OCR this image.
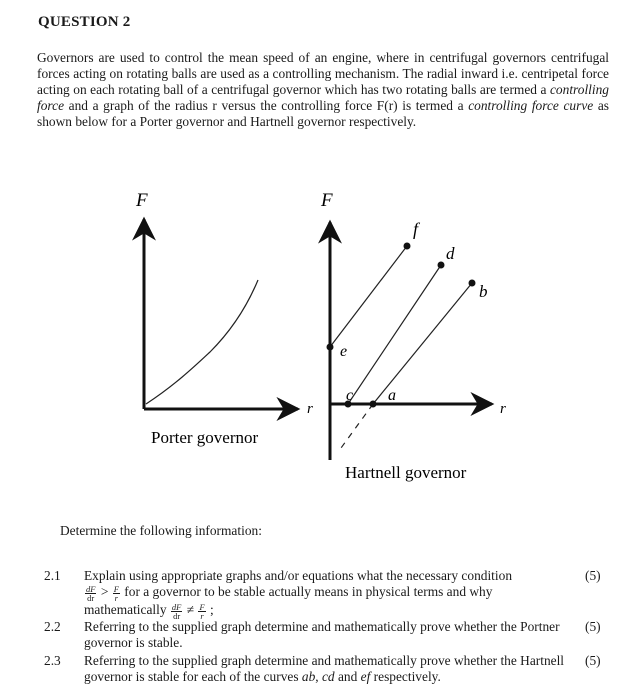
QUESTION 2
Governors are used to control the mean speed of an engine, where in centrifugal governors centrifugal forces acting on rotating balls are used as a controlling mechanism. The radial inward i.e. centripetal force acting on each rotating ball of a centrifugal governor which has two rotating balls are termed a controlling force and a graph of the radius r versus the controlling force F(r) is termed a controlling force curve as shown below for a Porter governor and Hartnell governor respectively.
F
r
Porter governor
F
r
f
d
b
e
c a
Hartnell governor
Determine the following information:
2.1 Explain using appropriate graphs and/or equations what the necessary condition

$\frac{dF}{dr} > \frac{F}{r}$ for a governor to be stable actually means in physical terms and why mathematically $\frac{dF}{dr} \ne \frac{F}{r}$ ;
(5)
2.2 Referring to the supplied graph determine and mathematically prove whether the Portner governor is stable.
(5)
2.3 Referring to the supplied graph determine and mathematically prove whether the Hartnell governor is stable for each of the curves ab, cd and ef respectively.
(5)
